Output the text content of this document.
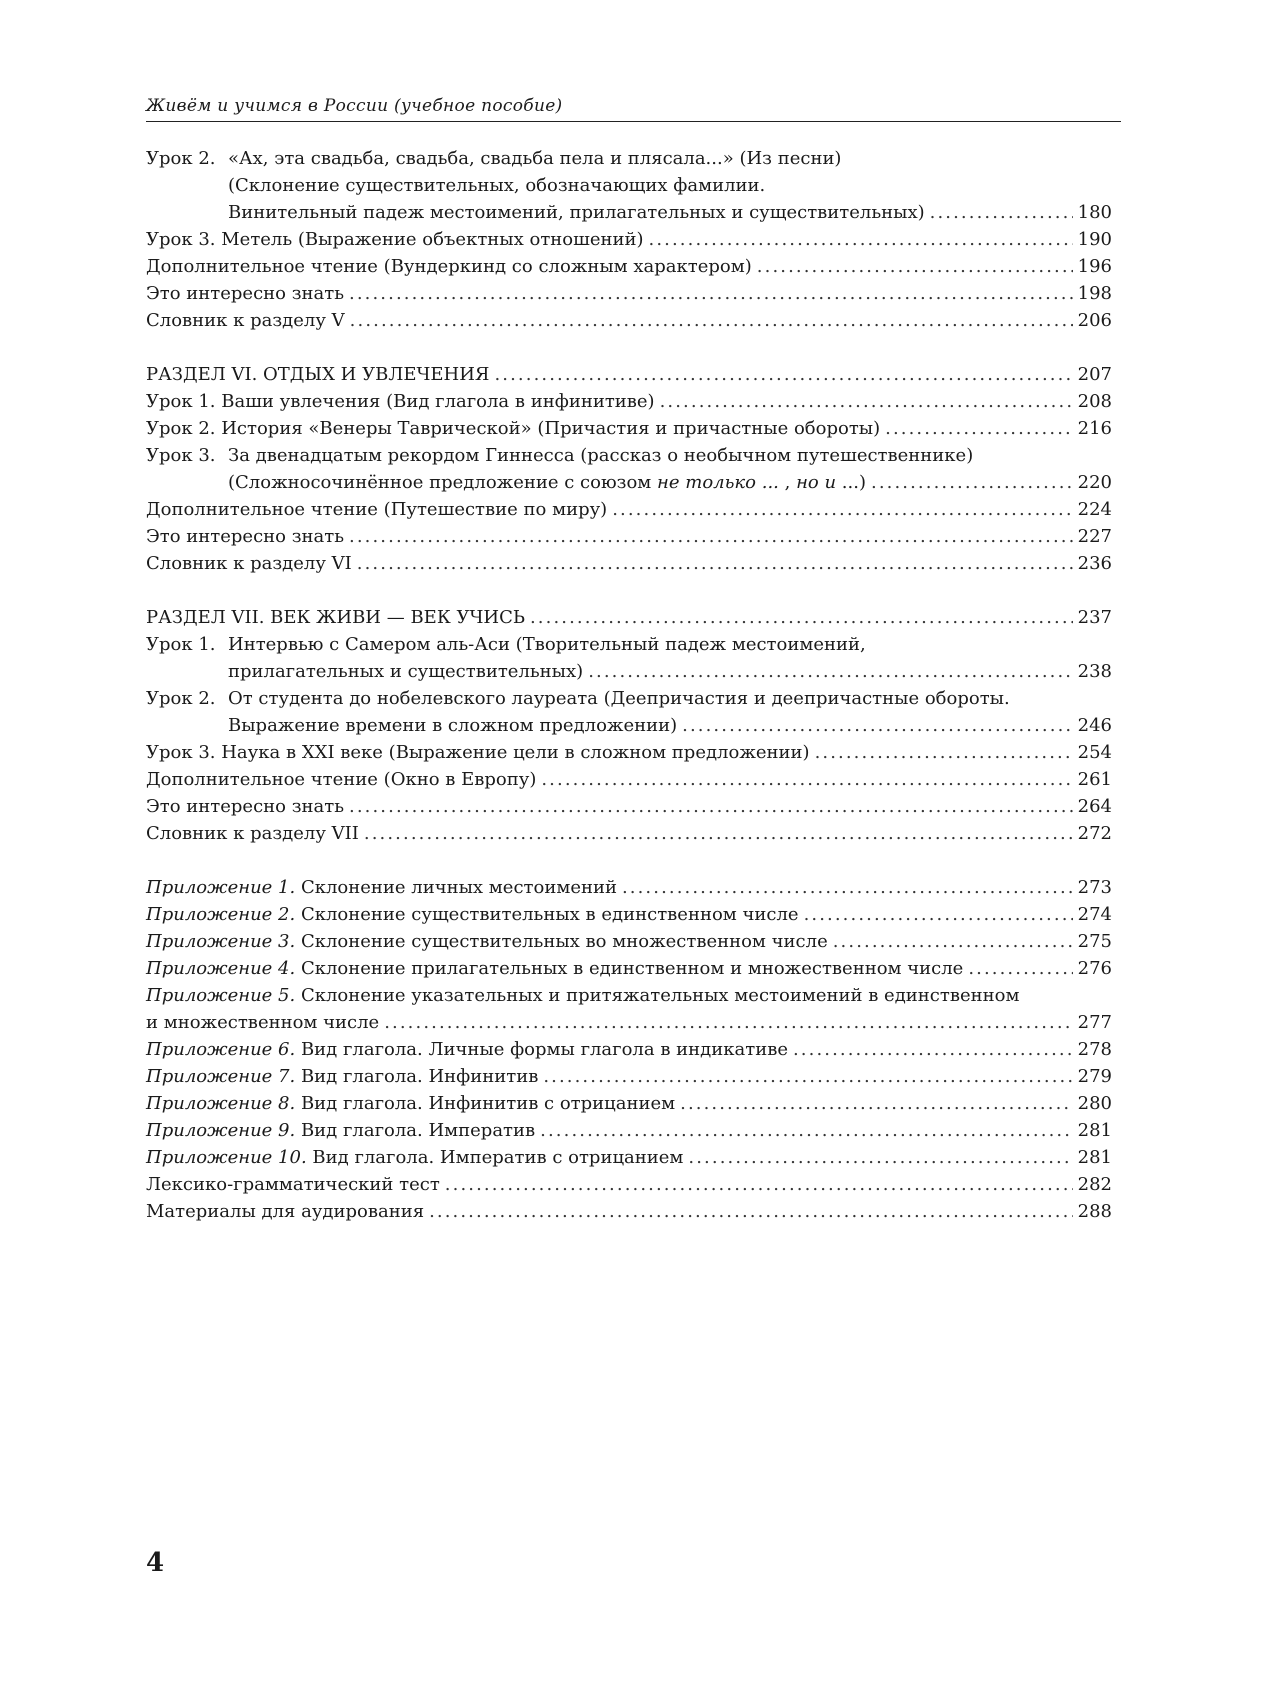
Живём и учимся в России (учебное пособие)
Урок 2. «Ах, эта свадьба, свадьба, свадьба пела и плясала...» (Из песни)
(Склонение существительных, обозначающих фамилии.
Винительный падеж местоимений, прилагательных и существительных) .....	180
Урок 3. Метель (Выражение объектных отношений) .....	190
Дополнительное чтение (Вундеркинд со сложным характером) .....	196
Это интересно знать .....	198
Словник к разделу V .....	206
РАЗДЕЛ VI. ОТДЫХ И УВЛЕЧЕНИЯ .....	207
Урок 1. Ваши увлечения (Вид глагола в инфинитиве) .....	208
Урок 2. История «Венеры Таврической» (Причастия и причастные обороты) .....	216
Урок 3. За двенадцатым рекордом Гиннесса (рассказ о необычном путешественнике)
(Сложносочинённое предложение с союзом не только ... , но и ...) .....	220
Дополнительное чтение (Путешествие по миру) .....	224
Это интересно знать .....	227
Словник к разделу VI .....	236
РАЗДЕЛ VII. ВЕК ЖИВИ — ВЕК УЧИСЬ .....	237
Урок 1. Интервью с Самером аль-Аси (Творительный падеж местоимений,
прилагательных и существительных) .....	238
Урок 2. От студента до нобелевского лауреата (Деепричастия и деепричастные обороты.
Выражение времени в сложном предложении) .....	246
Урок 3. Наука в XXI веке (Выражение цели в сложном предложении) .....	254
Дополнительное чтение (Окно в Европу) .....	261
Это интересно знать .....	264
Словник к разделу VII .....	272
Приложение 1. Склонение личных местоимений .....	273
Приложение 2. Склонение существительных в единственном числе .....	274
Приложение 3. Склонение существительных во множественном числе .....	275
Приложение 4. Склонение прилагательных в единственном и множественном числе .....	276
Приложение 5. Склонение указательных и притяжательных местоимений в единственном
и множественном числе .....	277
Приложение 6. Вид глагола. Личные формы глагола в индикативе .....	278
Приложение 7. Вид глагола. Инфинитив .....	279
Приложение 8. Вид глагола. Инфинитив с отрицанием .....	280
Приложение 9. Вид глагола. Императив .....	281
Приложение 10. Вид глагола. Императив с отрицанием .....	281
Лексико-грамматический тест .....	282
Материалы для аудирования .....	288
4
